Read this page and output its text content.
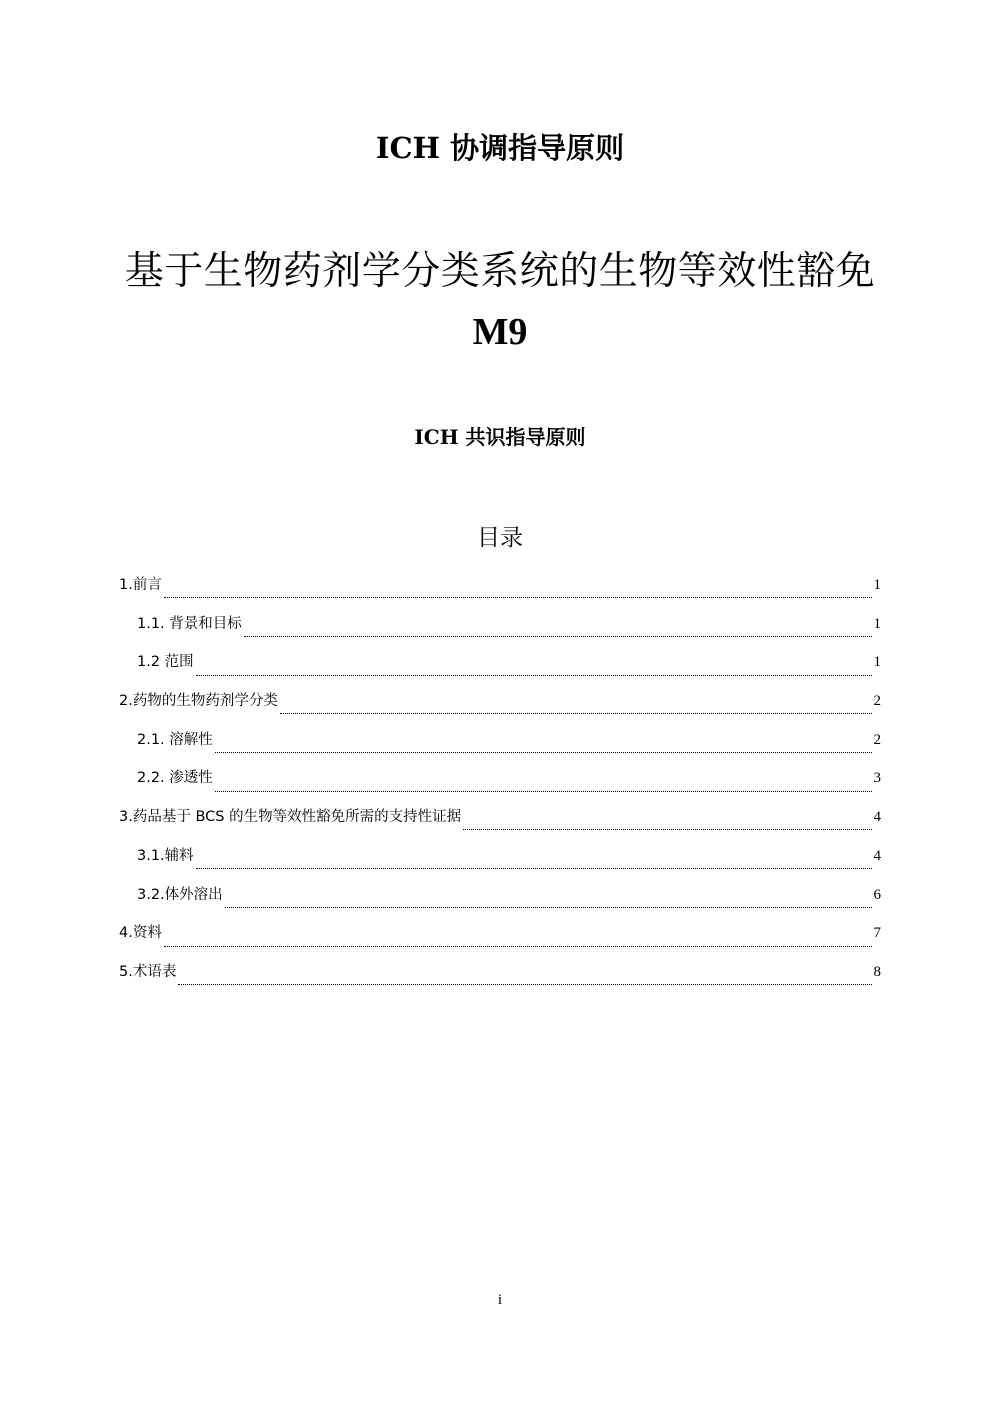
ICH 协调指导原则
基于生物药剂学分类系统的生物等效性豁免
M9
ICH 共识指导原则
目录
1.前言	1
1.1. 背景和目标	1
1.2 范围	1
2.药物的生物药剂学分类	2
2.1. 溶解性	2
2.2. 渗透性	3
3.药品基于 BCS 的生物等效性豁免所需的支持性证据	4
3.1.辅料	4
3.2.体外溶出	6
4.资料	7
5.术语表	8
i
